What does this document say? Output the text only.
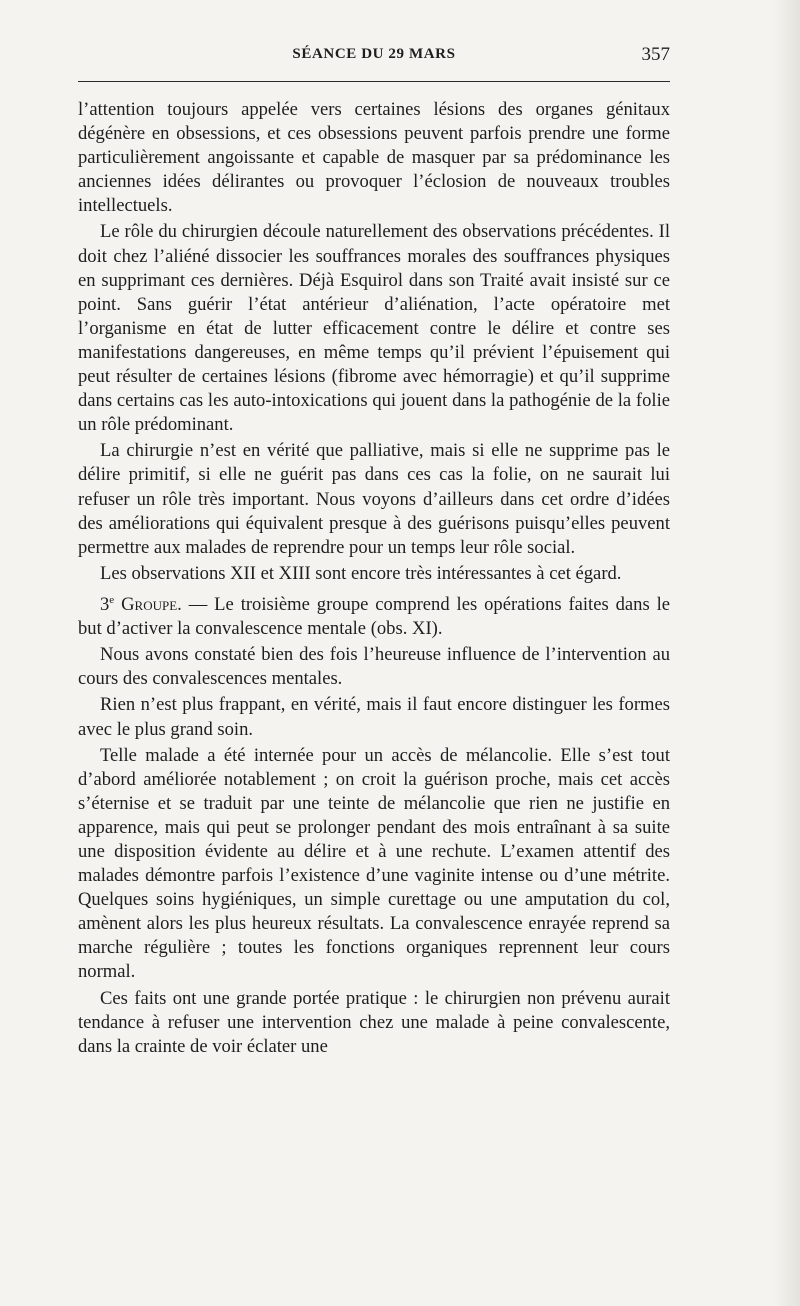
SÉANCE DU 29 MARS	357

l’attention toujours appelée vers certaines lésions des organes génitaux dégénère en obsessions, et ces obsessions peuvent parfois prendre une forme particulièrement angoissante et capable de masquer par sa prédominance les anciennes idées délirantes ou provoquer l’éclosion de nouveaux troubles intellectuels.

Le rôle du chirurgien découle naturellement des observations précédentes. Il doit chez l’aliéné dissocier les souffrances morales des souffrances physiques en supprimant ces dernières. Déjà Esquirol dans son Traité avait insisté sur ce point. Sans guérir l’état antérieur d’aliénation, l’acte opératoire met l’organisme en état de lutter efficacement contre le délire et contre ses manifestations dangereuses, en même temps qu’il prévient l’épuisement qui peut résulter de certaines lésions (fibrome avec hémorragie) et qu’il supprime dans certains cas les auto-intoxications qui jouent dans la pathogénie de la folie un rôle prédominant.

La chirurgie n’est en vérité que palliative, mais si elle ne supprime pas le délire primitif, si elle ne guérit pas dans ces cas la folie, on ne saurait lui refuser un rôle très important. Nous voyons d’ailleurs dans cet ordre d’idées des améliorations qui équivalent presque à des guérisons puisqu’elles peuvent permettre aux malades de reprendre pour un temps leur rôle social.

Les observations XII et XIII sont encore très intéressantes à cet égard.

3e Groupe. — Le troisième groupe comprend les opérations faites dans le but d’activer la convalescence mentale (obs. XI).

Nous avons constaté bien des fois l’heureuse influence de l’intervention au cours des convalescences mentales.

Rien n’est plus frappant, en vérité, mais il faut encore distinguer les formes avec le plus grand soin.

Telle malade a été internée pour un accès de mélancolie. Elle s’est tout d’abord améliorée notablement ; on croit la guérison proche, mais cet accès s’éternise et se traduit par une teinte de mélancolie que rien ne justifie en apparence, mais qui peut se prolonger pendant des mois entraînant à sa suite une disposition évidente au délire et à une rechute. L’examen attentif des malades démontre parfois l’existence d’une vaginite intense ou d’une métrite. Quelques soins hygiéniques, un simple curettage ou une amputation du col, amènent alors les plus heureux résultats. La convalescence enrayée reprend sa marche régulière ; toutes les fonctions organiques reprennent leur cours normal.

Ces faits ont une grande portée pratique : le chirurgien non prévenu aurait tendance à refuser une intervention chez une malade à peine convalescente, dans la crainte de voir éclater une
